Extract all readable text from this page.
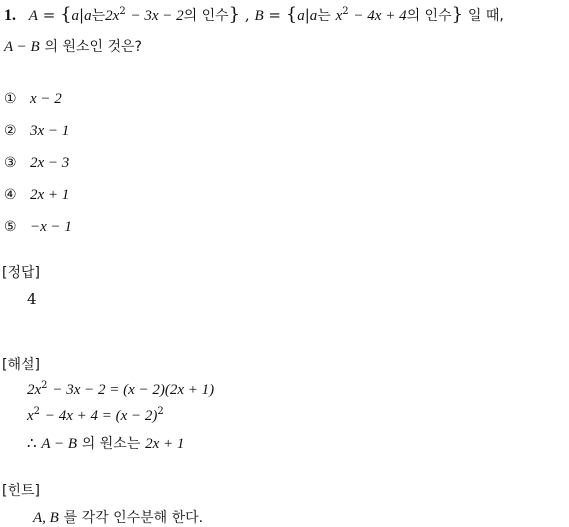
1. A = {a|a는$2x^2 - 3x - 2$의 인수} , B = {a|a는 $x^2 - 4x + 4$의 인수} 일 때,
A − B 의 원소인 것은?
① x − 2
② 3x − 1
③ 2x − 3
④ 2x + 1
⑤ −x − 1
[정답]
4
[해설]
$2x^2 - 3x - 2 = (x - 2)(2x + 1)$
$x^2 - 4x + 4 = (x - 2)^2$
∴ A − B 의 원소는 2x + 1
[힌트]
A, B 를 각각 인수분해 한다.
